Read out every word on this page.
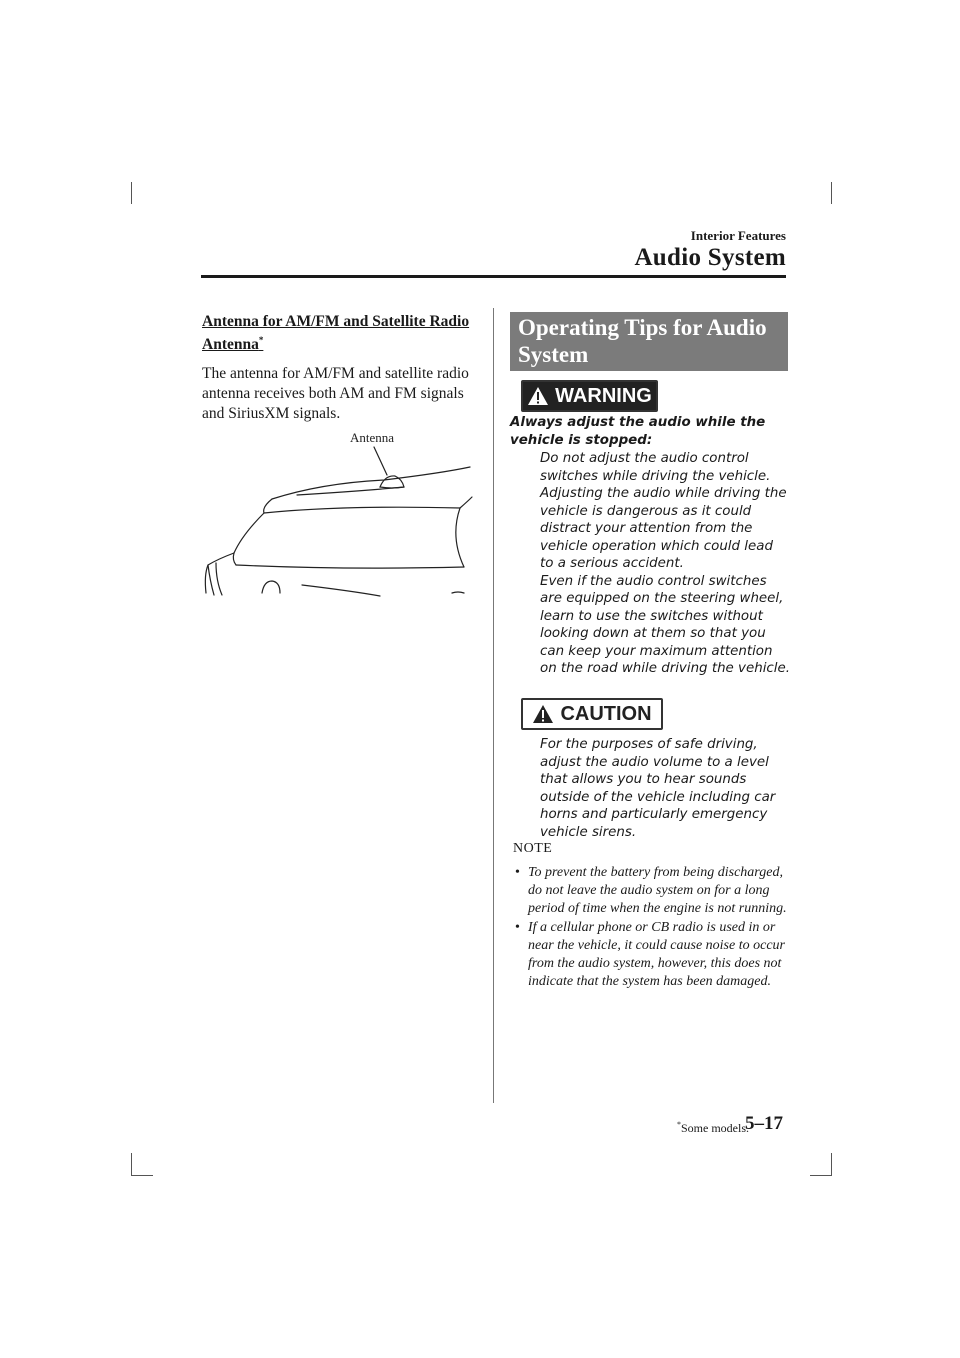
Interior Features
Audio System
Antenna for AM/FM and Satellite Radio Antenna*
The antenna for AM/FM and satellite radio antenna receives both AM and FM signals and SiriusXM signals.
Antenna
Operating Tips for Audio System
WARNING
Always adjust the audio while the vehicle is stopped:

Do not adjust the audio control switches while driving the vehicle. Adjusting the audio while driving the vehicle is dangerous as it could distract your attention from the vehicle operation which could lead to a serious accident.

Even if the audio control switches are equipped on the steering wheel, learn to use the switches without looking down at them so that you can keep your maximum attention on the road while driving the vehicle.

CAUTION

For the purposes of safe driving, adjust the audio volume to a level that allows you to hear sounds outside of the vehicle including car horns and particularly emergency vehicle sirens.

NOTE
• To prevent the battery from being discharged, do not leave the audio system on for a long period of time when the engine is not running.
• If a cellular phone or CB radio is used in or near the vehicle, it could cause noise to occur from the audio system, however, this does not indicate that the system has been damaged.
*Some models.
5–17
